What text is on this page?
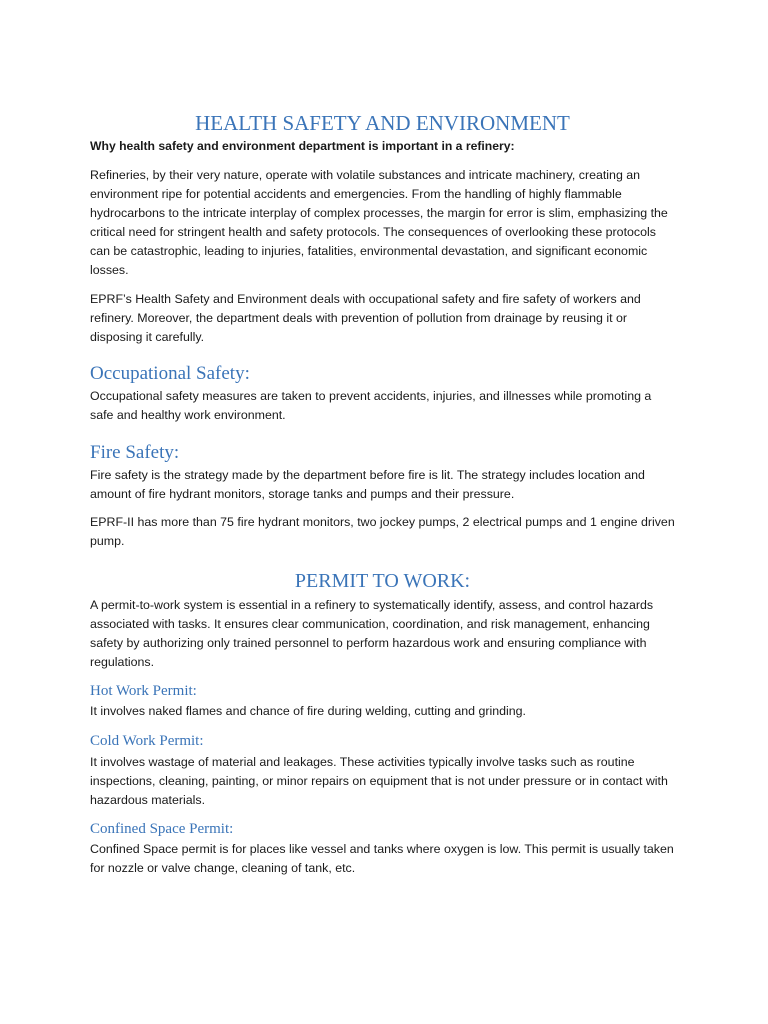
HEALTH SAFETY AND ENVIRONMENT

Why health safety and environment department is important in a refinery:

Refineries, by their very nature, operate with volatile substances and intricate machinery, creating an environment ripe for potential accidents and emergencies. From the handling of highly flammable hydrocarbons to the intricate interplay of complex processes, the margin for error is slim, emphasizing the critical need for stringent health and safety protocols. The consequences of overlooking these protocols can be catastrophic, leading to injuries, fatalities, environmental devastation, and significant economic losses.

EPRF’s Health Safety and Environment deals with occupational safety and fire safety of workers and refinery. Moreover, the department deals with prevention of pollution from drainage by reusing it or disposing it carefully.

Occupational Safety:

Occupational safety measures are taken to prevent accidents, injuries, and illnesses while promoting a safe and healthy work environment.

Fire Safety:

Fire safety is the strategy made by the department before fire is lit. The strategy includes location and amount of fire hydrant monitors, storage tanks and pumps and their pressure.

EPRF-II has more than 75 fire hydrant monitors, two jockey pumps, 2 electrical pumps and 1 engine driven pump.

PERMIT TO WORK:

A permit-to-work system is essential in a refinery to systematically identify, assess, and control hazards associated with tasks. It ensures clear communication, coordination, and risk management, enhancing safety by authorizing only trained personnel to perform hazardous work and ensuring compliance with regulations.

Hot Work Permit:

It involves naked flames and chance of fire during welding, cutting and grinding.

Cold Work Permit:

It involves wastage of material and leakages. These activities typically involve tasks such as routine inspections, cleaning, painting, or minor repairs on equipment that is not under pressure or in contact with hazardous materials.

Confined Space Permit:

Confined Space permit is for places like vessel and tanks where oxygen is low. This permit is usually taken for nozzle or valve change, cleaning of tank, etc.
